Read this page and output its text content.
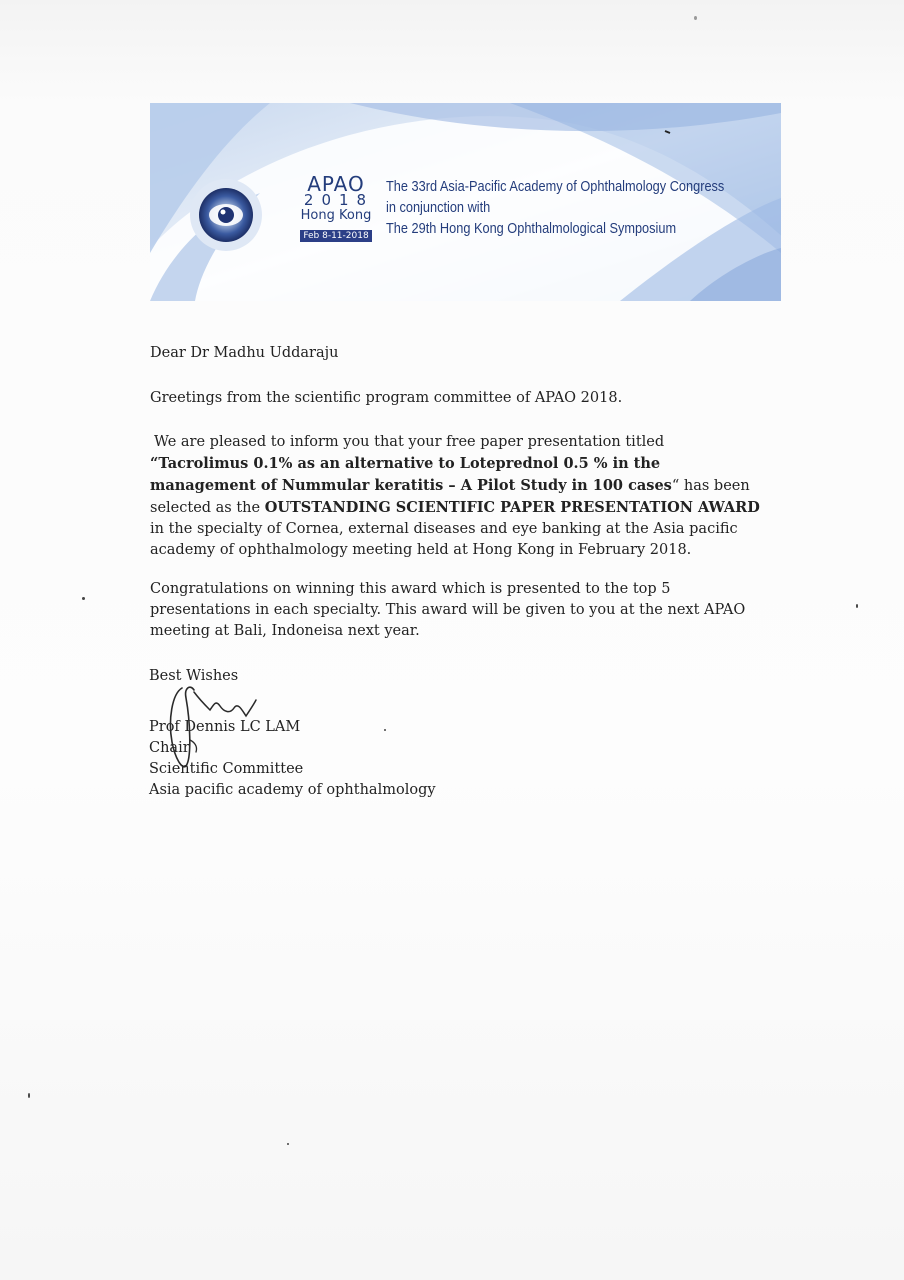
APAO
2018
Hong Kong
Feb 8-11-2018
The 33rd Asia-Pacific Academy of Ophthalmology Congress
in conjunction with
The 29th Hong Kong Ophthalmological Symposium

Dear Dr Madhu Uddaraju

Greetings from the scientific program committee of APAO 2018.

We are pleased to inform you that your free paper presentation titled
“Tacrolimus 0.1% as an alternative to Loteprednol 0.5 % in the
management of Nummular keratitis – A Pilot Study in 100 cases“ has been
selected as the OUTSTANDING SCIENTIFIC PAPER PRESENTATION AWARD
in the specialty of Cornea, external diseases and eye banking at the Asia pacific
academy of ophthalmology meeting held at Hong Kong in February 2018.
Congratulations on winning this award which is presented to the top 5
presentations in each specialty. This award will be given to you at the next APAO
meeting at Bali, Indoneisa next year.
Best Wishes
Prof Dennis LC LAM
Chair
Scientific Committee
Asia pacific academy of ophthalmology
